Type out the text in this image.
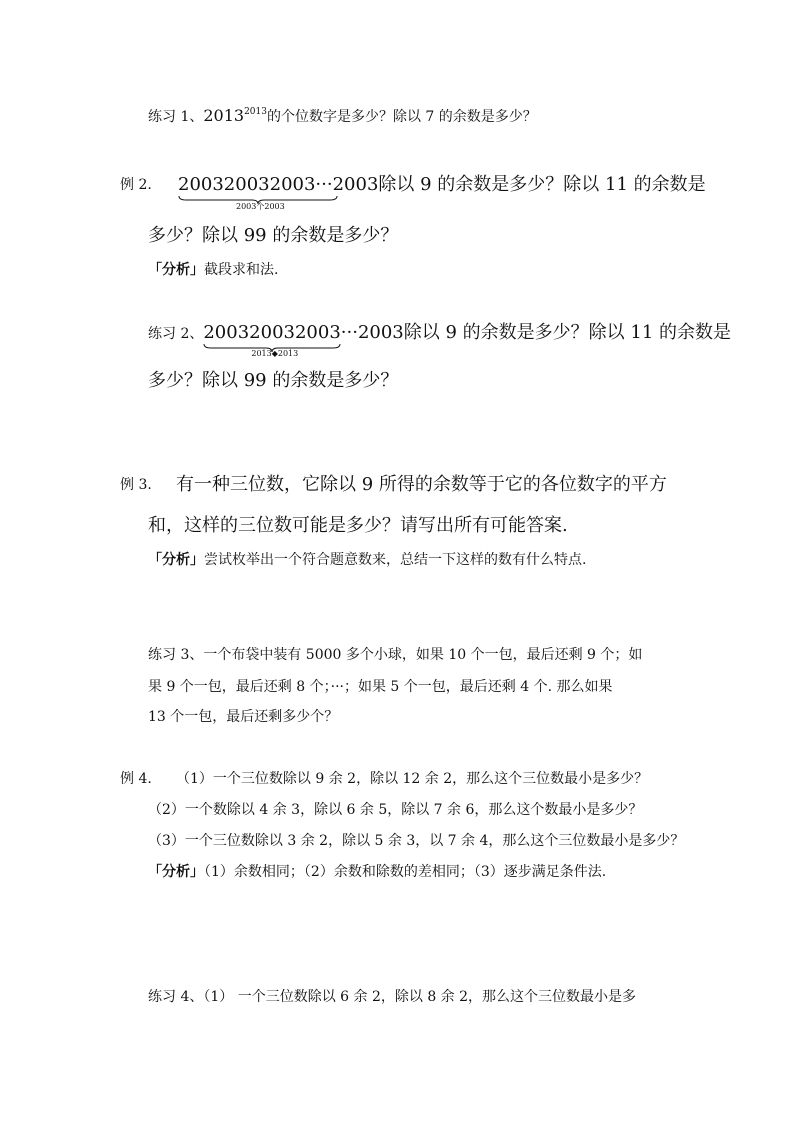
练习 1、$2013^{2013}$的个位数字是多少？除以 7 的余数是多少？
例 2. 200320032003···2003
2003个2003
除以 9 的余数是多少？除以 11 的余数是
多少？除以 99 的余数是多少？
「分析」截段求和法.
练习 2、200320032003···2003
2013◆2013
除以 9 的余数是多少？除以 11 的余数是
多少？除以 99 的余数是多少？
例 3. 有一种三位数，它除以 9 所得的余数等于它的各位数字的平方
和，这样的三位数可能是多少？请写出所有可能答案.
「分析」尝试枚举出一个符合题意数来，总结一下这样的数有什么特点.
练习 3、一个布袋中装有 5000 多个小球，如果 10 个一包，最后还剩 9 个；如
果 9 个一包，最后还剩 8 个；···；如果 5 个一包，最后还剩 4 个. 那么如果
13 个一包，最后还剩多少个？
例 4. （1）一个三位数除以 9 余 2，除以 12 余 2，那么这个三位数最小是多少？
（2）一个数除以 4 余 3，除以 6 余 5，除以 7 余 6，那么这个数最小是多少？
（3）一个三位数除以 3 余 2，除以 5 余 3，以 7 余 4，那么这个三位数最小是多少？
「分析」（1）余数相同；（2）余数和除数的差相同；（3）逐步满足条件法.
练习 4、（1） 一个三位数除以 6 余 2，除以 8 余 2，那么这个三位数最小是多
